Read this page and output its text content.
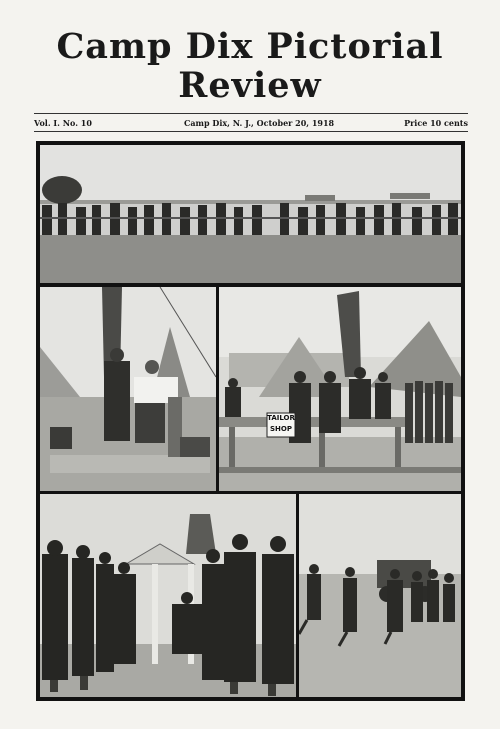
Camp Dix Pictorial
Review
Vol. I. No. 10	Camp Dix, N. J., October 20, 1918	Price 10 cents
TAILOR
SHOP
